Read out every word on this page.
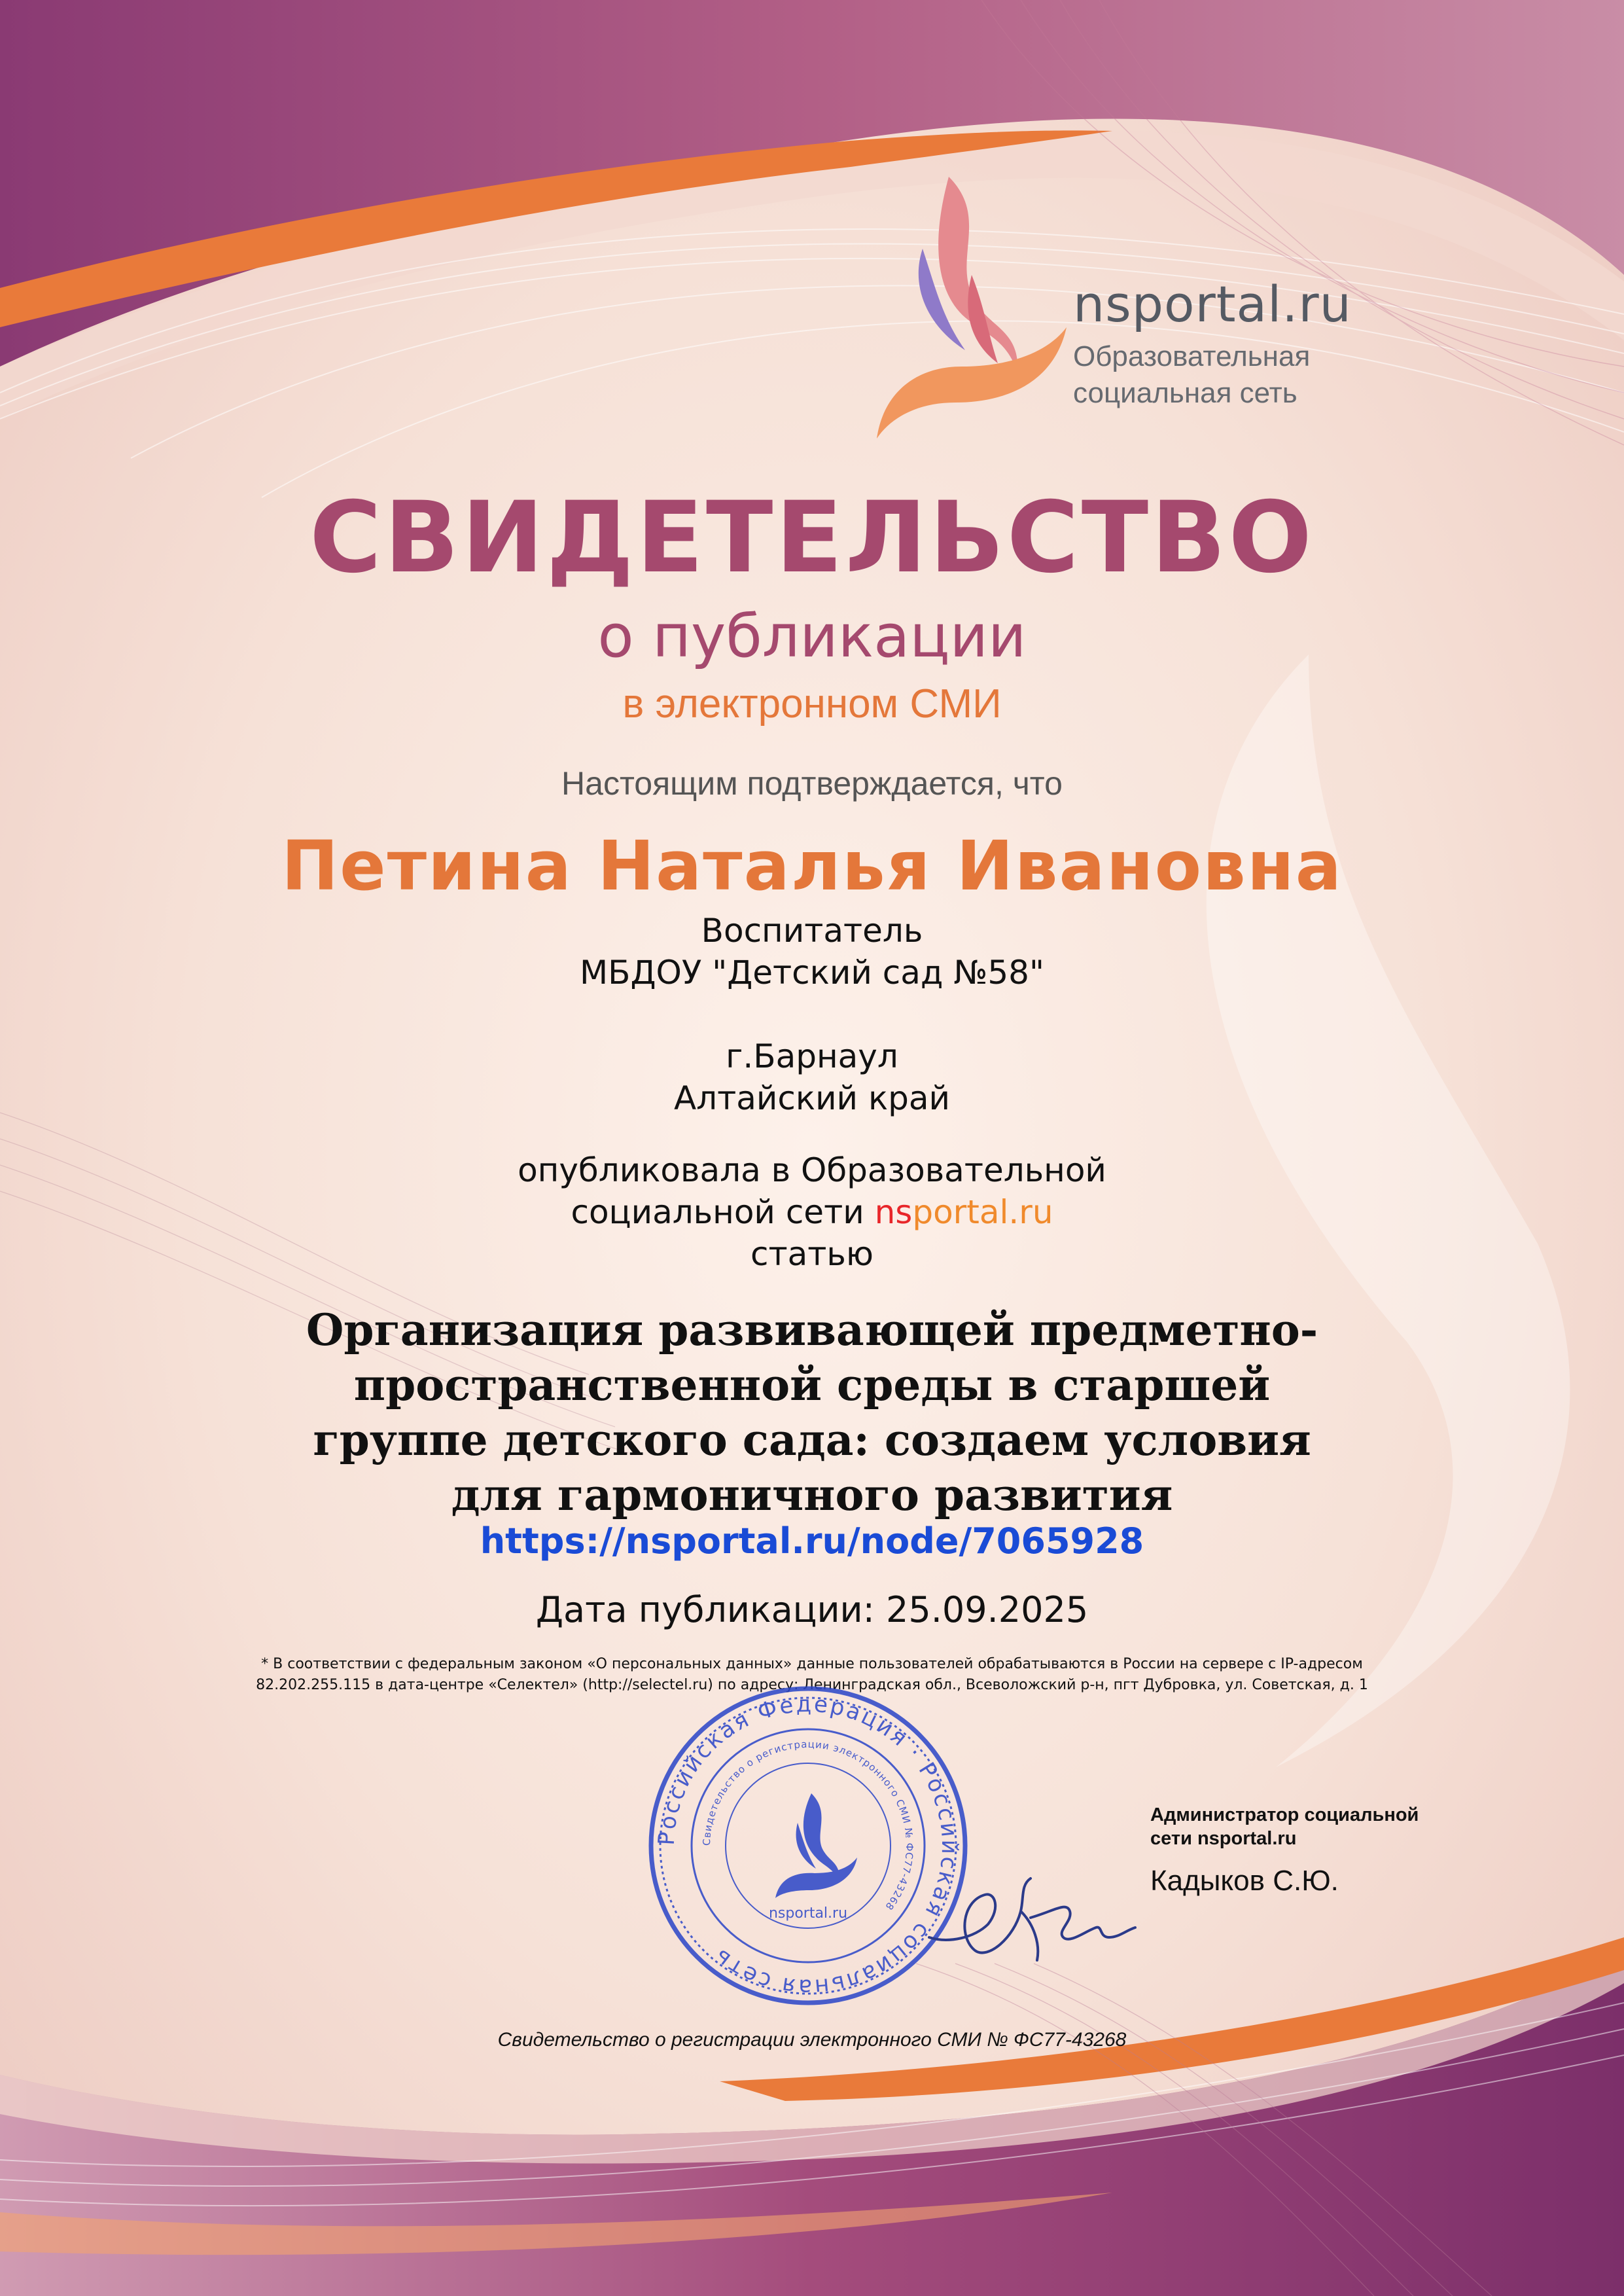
nsportal.ru
Образовательная
социальная сеть
СВИДЕТЕЛЬСТВО
о публикации
в электронном СМИ
Настоящим подтверждается, что
Петина Наталья Ивановна
Воспитатель
МБДОУ "Детский сад №58"
г.Барнаул
Алтайский край
опубликовала в Образовательной
социальной сети nsportal.ru
статью
Организация развивающей предметно-
пространственной среды в старшей
группе детского сада: создаем условия
для гармоничного развития
https://nsportal.ru/node/7065928
Дата публикации: 25.09.2025
* В соответствии с федеральным законом «О персональных данных» данные пользователей обрабатываются в России на сервере с IP-адресом
82.202.255.115 в дата-центре «Селектел» (http://selectel.ru) по адресу: Ленинградская обл., Всеволожский р-н, пгт Дубровка, ул. Советская, д. 1
Российская Федерация · Российская социальная сеть
Свидетельство о регистрации электронного СМИ № ФС77-43268
nsportal.ru
Администратор социальной
сети nsportal.ru
Кадыков С.Ю.
Свидетельство о регистрации электронного СМИ № ФС77-43268
